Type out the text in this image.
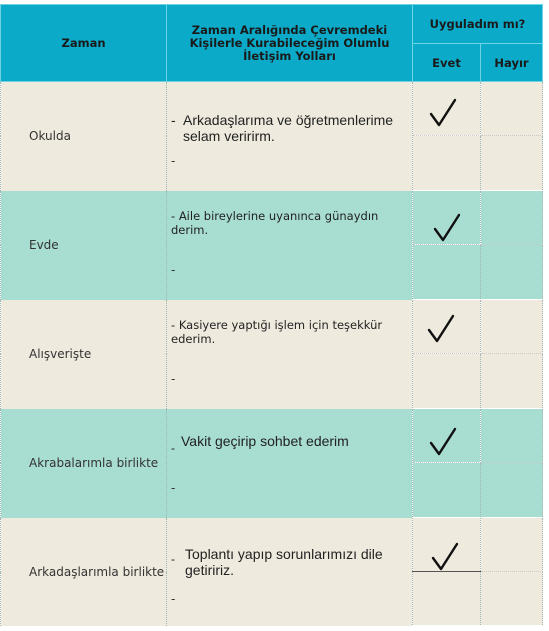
Zaman	Zaman Aralığında Çevremdeki Kişilerle Kurabileceğim Olumlu İletişim Yolları	Uyguladım mı?	
		Evet	Hayır
Okulda	- Arkadaşlarıma ve öğretmenlerime selam veririrm.
-

Evde	- Aile bireylerine uyanınca günaydın derim.
-

Alışverişte	- Kasiyere yaptığı işlem için teşekkür ederim.
-

Akrabalarımla birlikte	- Vakit geçirip sohbet ederim
-

Arkadaşlarımla birlikte	- Toplantı yapıp sorunlarımızı dile getiririz.
-
